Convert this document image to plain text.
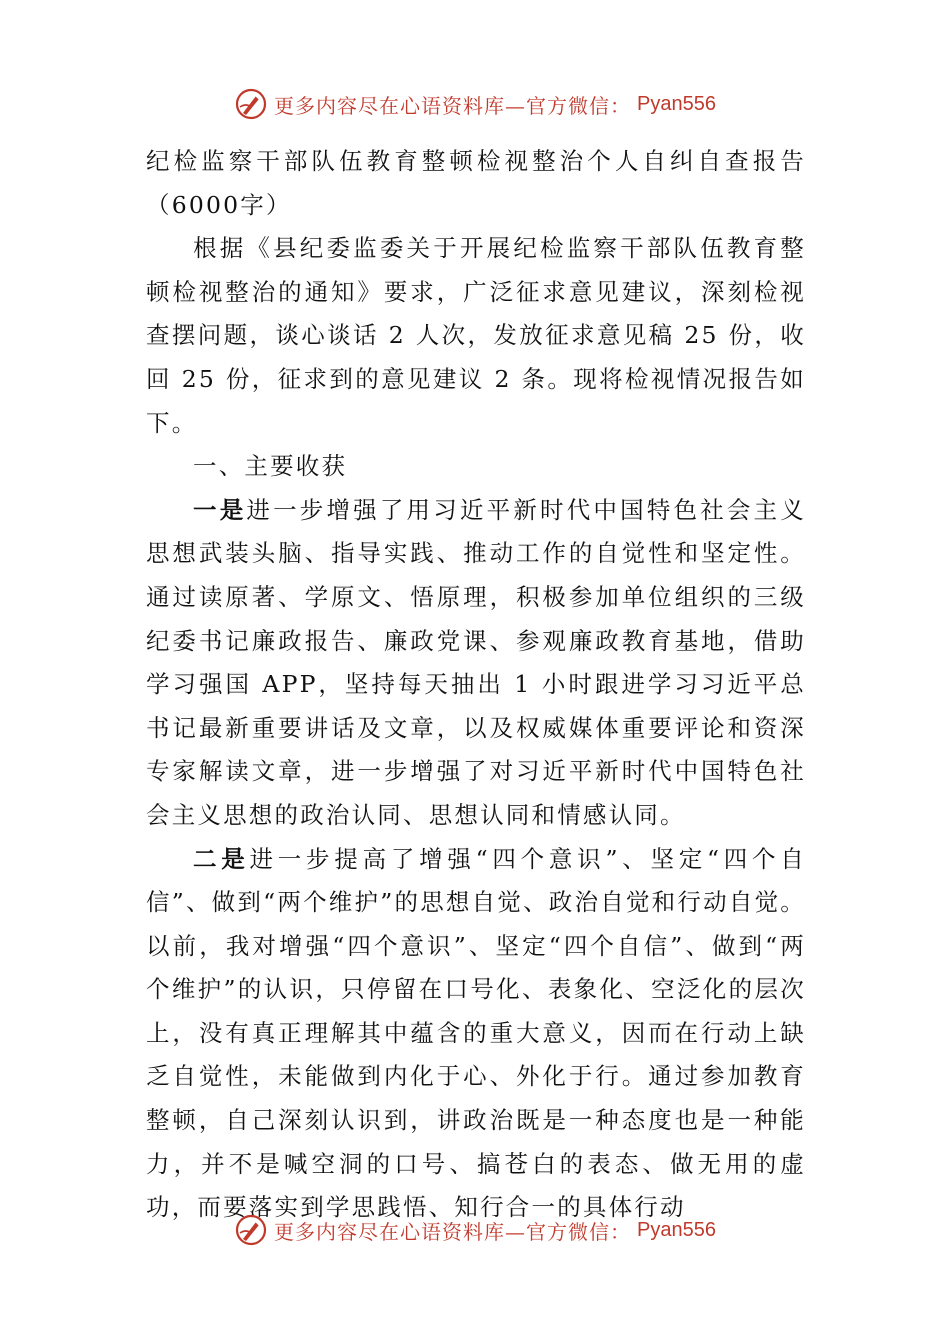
更多内容尽在心语资料库—官方微信： Pyan556

纪检监察干部队伍教育整顿检视整治个人自纠自查报告（6000字）

根据《县纪委监委关于开展纪检监察干部队伍教育整顿检视整治的通知》要求，广泛征求意见建议，深刻检视查摆问题，谈心谈话 2 人次，发放征求意见稿 25 份，收回 25 份，征求到的意见建议 2 条。现将检视情况报告如下。

一、主要收获

一是进一步增强了用习近平新时代中国特色社会主义思想武装头脑、指导实践、推动工作的自觉性和坚定性。通过读原著、学原文、悟原理，积极参加单位组织的三级纪委书记廉政报告、廉政党课、参观廉政教育基地，借助学习强国 APP，坚持每天抽出 1 小时跟进学习习近平总书记最新重要讲话及文章，以及权威媒体重要评论和资深专家解读文章，进一步增强了对习近平新时代中国特色社会主义思想的政治认同、思想认同和情感认同。

二是进一步提高了增强“四个意识”、坚定“四个自信”、做到“两个维护”的思想自觉、政治自觉和行动自觉。以前，我对增强“四个意识”、坚定“四个自信”、做到“两个维护”的认识，只停留在口号化、表象化、空泛化的层次上，没有真正理解其中蕴含的重大意义，因而在行动上缺乏自觉性，未能做到内化于心、外化于行。通过参加教育整顿，自己深刻认识到，讲政治既是一种态度也是一种能力，并不是喊空洞的口号、搞苍白的表态、做无用的虚功，而要落实到学思践悟、知行合一的具体行动

更多内容尽在心语资料库—官方微信： Pyan556
